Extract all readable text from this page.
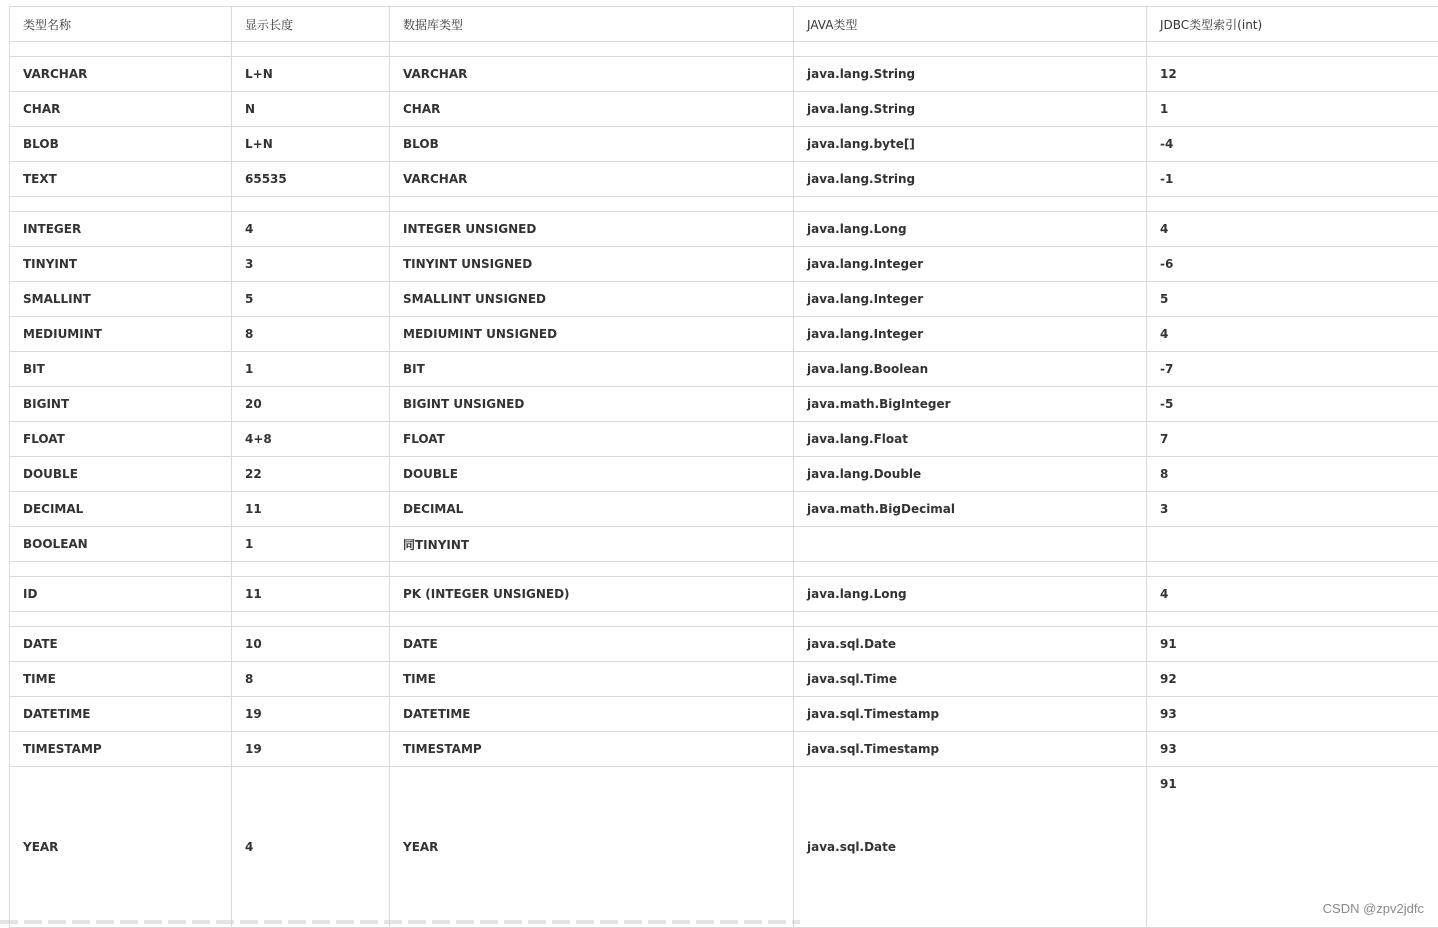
类型名称	显示长度	数据库类型	JAVA类型	JDBC类型索引(int)

VARCHAR	L+N	VARCHAR	java.lang.String	12
CHAR	N	CHAR	java.lang.String	1
BLOB	L+N	BLOB	java.lang.byte[]	-4
TEXT	65535	VARCHAR	java.lang.String	-1

INTEGER	4	INTEGER UNSIGNED	java.lang.Long	4
TINYINT	3	TINYINT UNSIGNED	java.lang.Integer	-6
SMALLINT	5	SMALLINT UNSIGNED	java.lang.Integer	5
MEDIUMINT	8	MEDIUMINT UNSIGNED	java.lang.Integer	4
BIT	1	BIT	java.lang.Boolean	-7
BIGINT	20	BIGINT UNSIGNED	java.math.BigInteger	-5
FLOAT	4+8	FLOAT	java.lang.Float	7
DOUBLE	22	DOUBLE	java.lang.Double	8
DECIMAL	11	DECIMAL	java.math.BigDecimal	3
BOOLEAN	1	同TINYINT		

ID	11	PK (INTEGER UNSIGNED)	java.lang.Long	4

DATE	10	DATE	java.sql.Date	91
TIME	8	TIME	java.sql.Time	92
DATETIME	19	DATETIME	java.sql.Timestamp	93
TIMESTAMP	19	TIMESTAMP	java.sql.Timestamp	93
YEAR	4	YEAR	java.sql.Date	91
CSDN @zpv2jdfc
